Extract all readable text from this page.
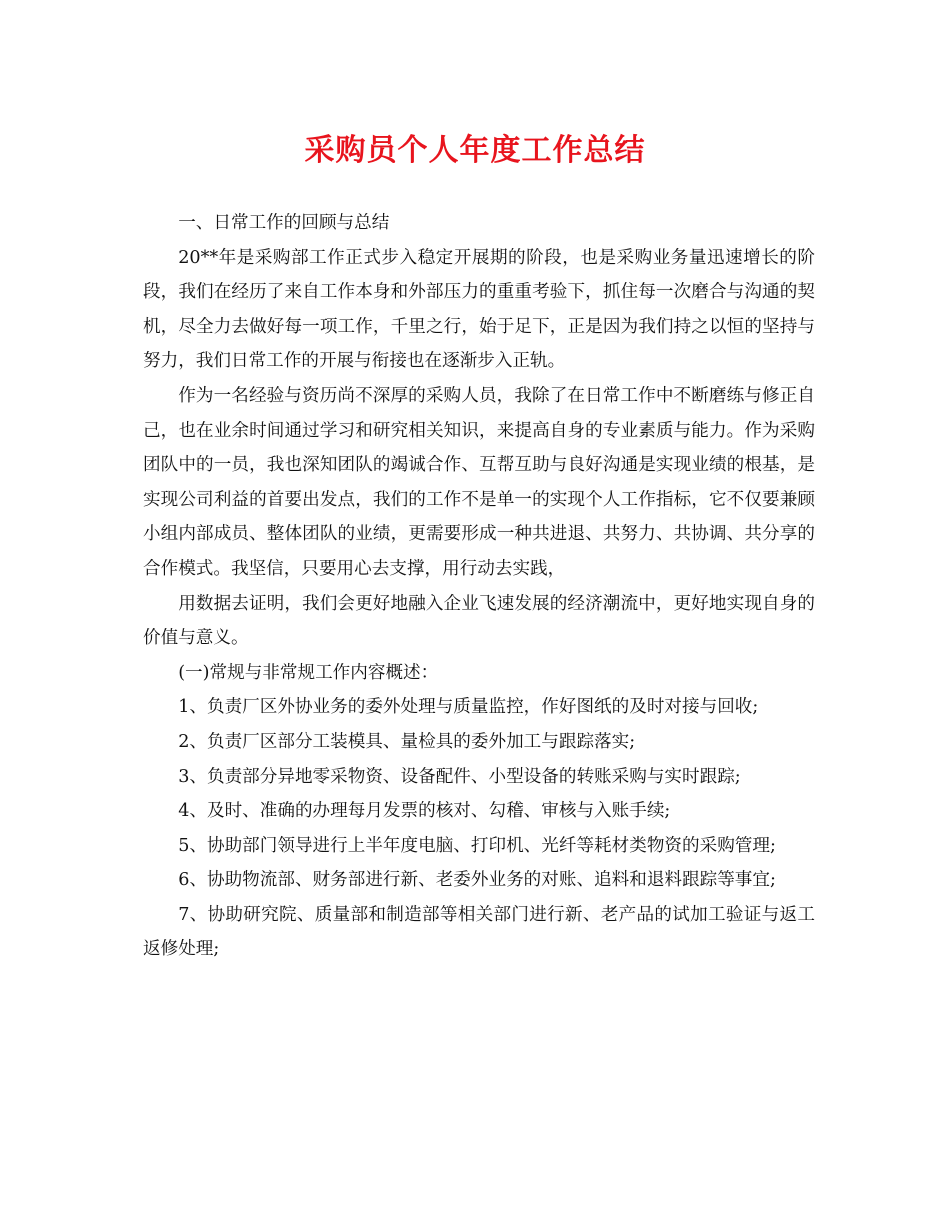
采购员个人年度工作总结

一、日常工作的回顾与总结

20**年是采购部工作正式步入稳定开展期的阶段，也是采购业务量迅速增长的阶段，我们在经历了来自工作本身和外部压力的重重考验下，抓住每一次磨合与沟通的契机，尽全力去做好每一项工作，千里之行，始于足下，正是因为我们持之以恒的坚持与努力，我们日常工作的开展与衔接也在逐渐步入正轨。

作为一名经验与资历尚不深厚的采购人员，我除了在日常工作中不断磨练与修正自己，也在业余时间通过学习和研究相关知识，来提高自身的专业素质与能力。作为采购团队中的一员，我也深知团队的竭诚合作、互帮互助与良好沟通是实现业绩的根基，是实现公司利益的首要出发点，我们的工作不是单一的实现个人工作指标，它不仅要兼顾小组内部成员、整体团队的业绩，更需要形成一种共进退、共努力、共协调、共分享的合作模式。我坚信，只要用心去支撑，用行动去实践，

用数据去证明，我们会更好地融入企业飞速发展的经济潮流中，更好地实现自身的价值与意义。

(一)常规与非常规工作内容概述：

1、负责厂区外协业务的委外处理与质量监控，作好图纸的及时对接与回收;

2、负责厂区部分工装模具、量检具的委外加工与跟踪落实;

3、负责部分异地零采物资、设备配件、小型设备的转账采购与实时跟踪;

4、及时、准确的办理每月发票的核对、勾稽、审核与入账手续;

5、协助部门领导进行上半年度电脑、打印机、光纤等耗材类物资的采购管理;

6、协助物流部、财务部进行新、老委外业务的对账、追料和退料跟踪等事宜;

7、协助研究院、质量部和制造部等相关部门进行新、老产品的试加工验证与返工返修处理;
